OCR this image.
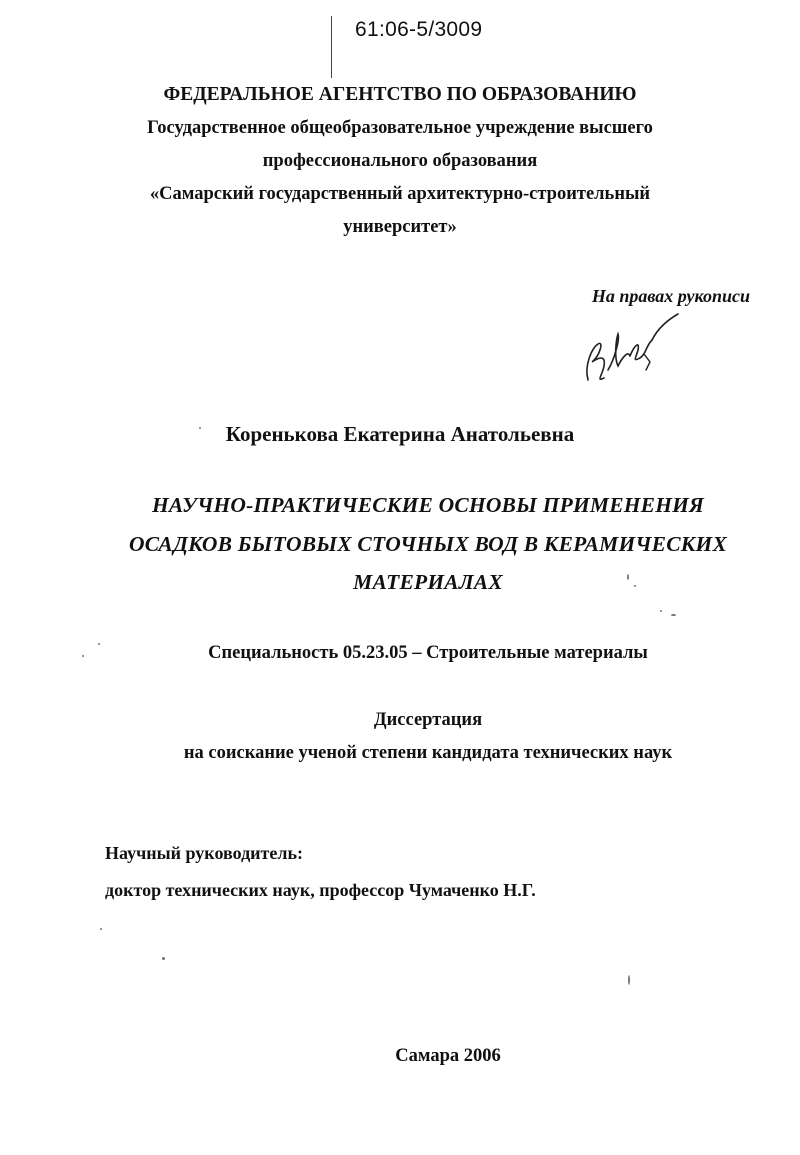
61:06-5/3009
ФЕДЕРАЛЬНОЕ АГЕНТСТВО ПО ОБРАЗОВАНИЮ
Государственное общеобразовательное учреждение высшего
профессионального образования
«Самарский государственный архитектурно-строительный
университет»
На правах рукописи
Коренькова Екатерина Анатольевна
НАУЧНО-ПРАКТИЧЕСКИЕ ОСНОВЫ ПРИМЕНЕНИЯ
ОСАДКОВ БЫТОВЫХ СТОЧНЫХ ВОД В КЕРАМИЧЕСКИХ
МАТЕРИАЛАХ
Специальность 05.23.05 – Строительные материалы
Диссертация
на соискание ученой степени кандидата технических наук
Научный руководитель:
доктор технических наук, профессор Чумаченко Н.Г.
Самара 2006
